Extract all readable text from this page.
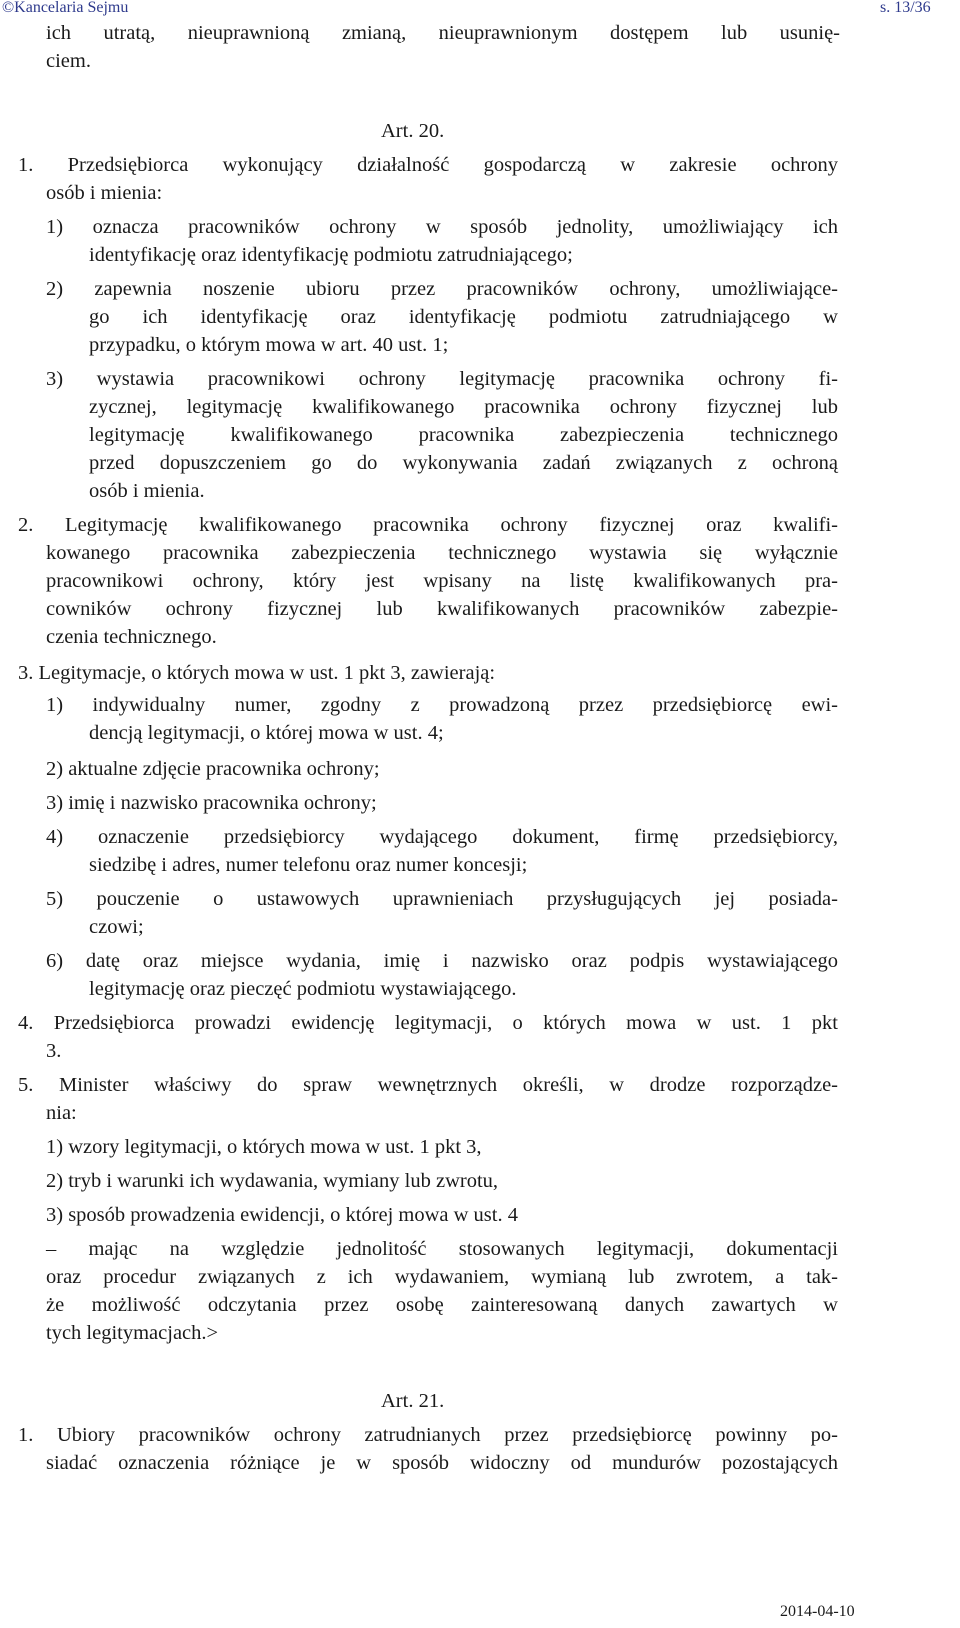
©Kancelaria Sejmu	s. 13/36
ich utratą, nieuprawnioną zmianą, nieuprawnionym dostępem lub usunię-
ciem.
Art. 20.
1. Przedsiębiorca wykonujący działalność gospodarczą w zakresie ochrony
osób i mienia:
1) oznacza pracowników ochrony w sposób jednolity, umożliwiający ich
identyfikację oraz identyfikację podmiotu zatrudniającego;
2) zapewnia noszenie ubioru przez pracowników ochrony, umożliwiające-
go ich identyfikację oraz identyfikację podmiotu zatrudniającego w
przypadku, o którym mowa w art. 40 ust. 1;
3) wystawia pracownikowi ochrony legitymację pracownika ochrony fi-
zycznej, legitymację kwalifikowanego pracownika ochrony fizycznej lub
legitymację kwalifikowanego pracownika zabezpieczenia technicznego
przed dopuszczeniem go do wykonywania zadań związanych z ochroną
osób i mienia.
2. Legitymację kwalifikowanego pracownika ochrony fizycznej oraz kwalifi-
kowanego pracownika zabezpieczenia technicznego wystawia się wyłącznie
pracownikowi ochrony, który jest wpisany na listę kwalifikowanych pra-
cowników ochrony fizycznej lub kwalifikowanych pracowników zabezpie-
czenia technicznego.
3. Legitymacje, o których mowa w ust. 1 pkt 3, zawierają:
1) indywidualny numer, zgodny z prowadzoną przez przedsiębiorcę ewi-
dencją legitymacji, o której mowa w ust. 4;
2) aktualne zdjęcie pracownika ochrony;
3) imię i nazwisko pracownika ochrony;
4) oznaczenie przedsiębiorcy wydającego dokument, firmę przedsiębiorcy,
siedzibę i adres, numer telefonu oraz numer koncesji;
5) pouczenie o ustawowych uprawnieniach przysługujących jej posiada-
czowi;
6) datę oraz miejsce wydania, imię i nazwisko oraz podpis wystawiającego
legitymację oraz pieczęć podmiotu wystawiającego.
4. Przedsiębiorca prowadzi ewidencję legitymacji, o których mowa w ust. 1 pkt
3.
5. Minister właściwy do spraw wewnętrznych określi, w drodze rozporządze-
nia:
1) wzory legitymacji, o których mowa w ust. 1 pkt 3,
2) tryb i warunki ich wydawania, wymiany lub zwrotu,
3) sposób prowadzenia ewidencji, o której mowa w ust. 4
– mając na względzie jednolitość stosowanych legitymacji, dokumentacji
oraz procedur związanych z ich wydawaniem, wymianą lub zwrotem, a tak-
że możliwość odczytania przez osobę zainteresowaną danych zawartych w
tych legitymacjach.>
Art. 21.
1. Ubiory pracowników ochrony zatrudnianych przez przedsiębiorcę powinny po-
siadać oznaczenia różniące je w sposób widoczny od mundurów pozostających
2014-04-10
